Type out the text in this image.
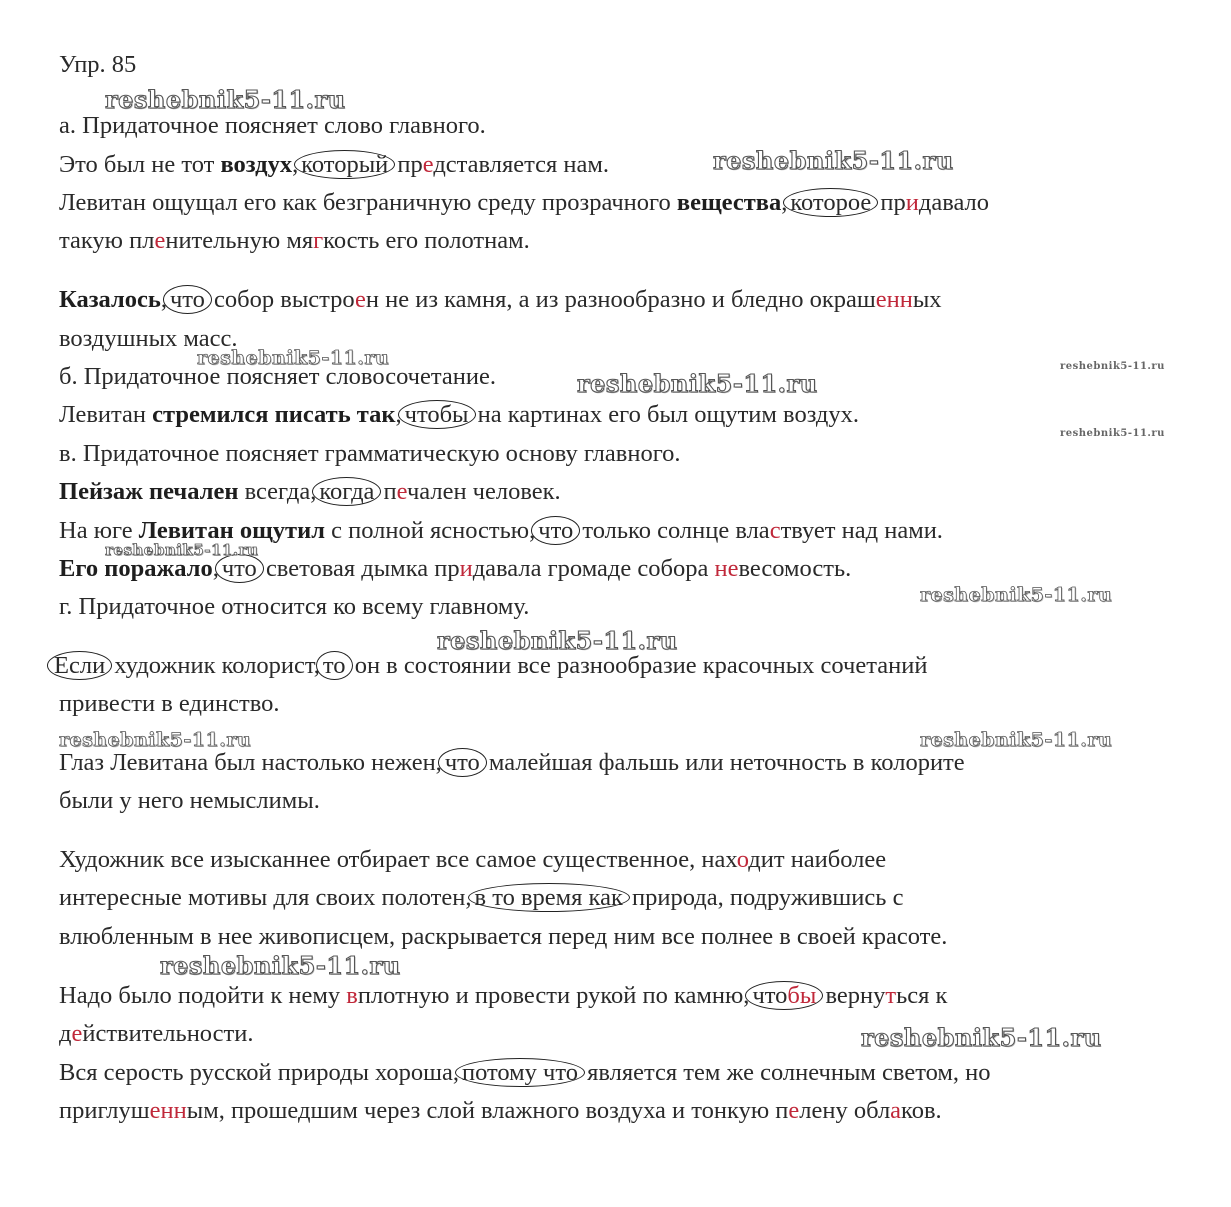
Упр. 85
а. Придаточное поясняет слово главного.
Это был не тот воздух, который представляется нам.
Левитан ощущал его как безграничную среду прозрачного вещества, которое придавало
такую пленительную мягкость его полотнам.
Казалось, что собор выстроен не из камня, а из разнообразно и бледно окрашенных
воздушных масс.
б. Придаточное поясняет словосочетание.
Левитан стремился писать так, чтобы на картинах его был ощутим воздух.
в. Придаточное поясняет грамматическую основу главного.
Пейзаж печален всегда, когда печален человек.
На юге Левитан ощутил с полной ясностью, что только солнце властвует над нами.
Его поражало, что световая дымка придавала громаде собора невесомость.
г. Придаточное относится ко всему главному.
Если художник колорист, то он в состоянии все разнообразие красочных сочетаний
привести в единство.
Глаз Левитана был настолько нежен, что малейшая фальшь или неточность в колорите
были у него немыслимы.
Художник все изысканнее отбирает все самое существенное, находит наиболее
интересные мотивы для своих полотен, в то время как природа, подружившись с
влюбленным в нее живописцем, раскрывается перед ним все полнее в своей красоте.
Надо было подойти к нему вплотную и провести рукой по камню, чтобы вернуться к
действительности.
Вся серость русской природы хороша, потому что является тем же солнечным светом, но
приглушенным, прошедшим через слой влажного воздуха и тонкую пелену облаков.
reshebnik5-11.ru
reshebnik5-11.ru
reshebnik5-11.ru
reshebnik5-11.ru
reshebnik5-11.ru
reshebnik5-11.ru
reshebnik5-11.ru
reshebnik5-11.ru
reshebnik5-11.ru
reshebnik5-11.ru	reshebnik5-11.ru
reshebnik5-11.ru
reshebnik5-11.ru
